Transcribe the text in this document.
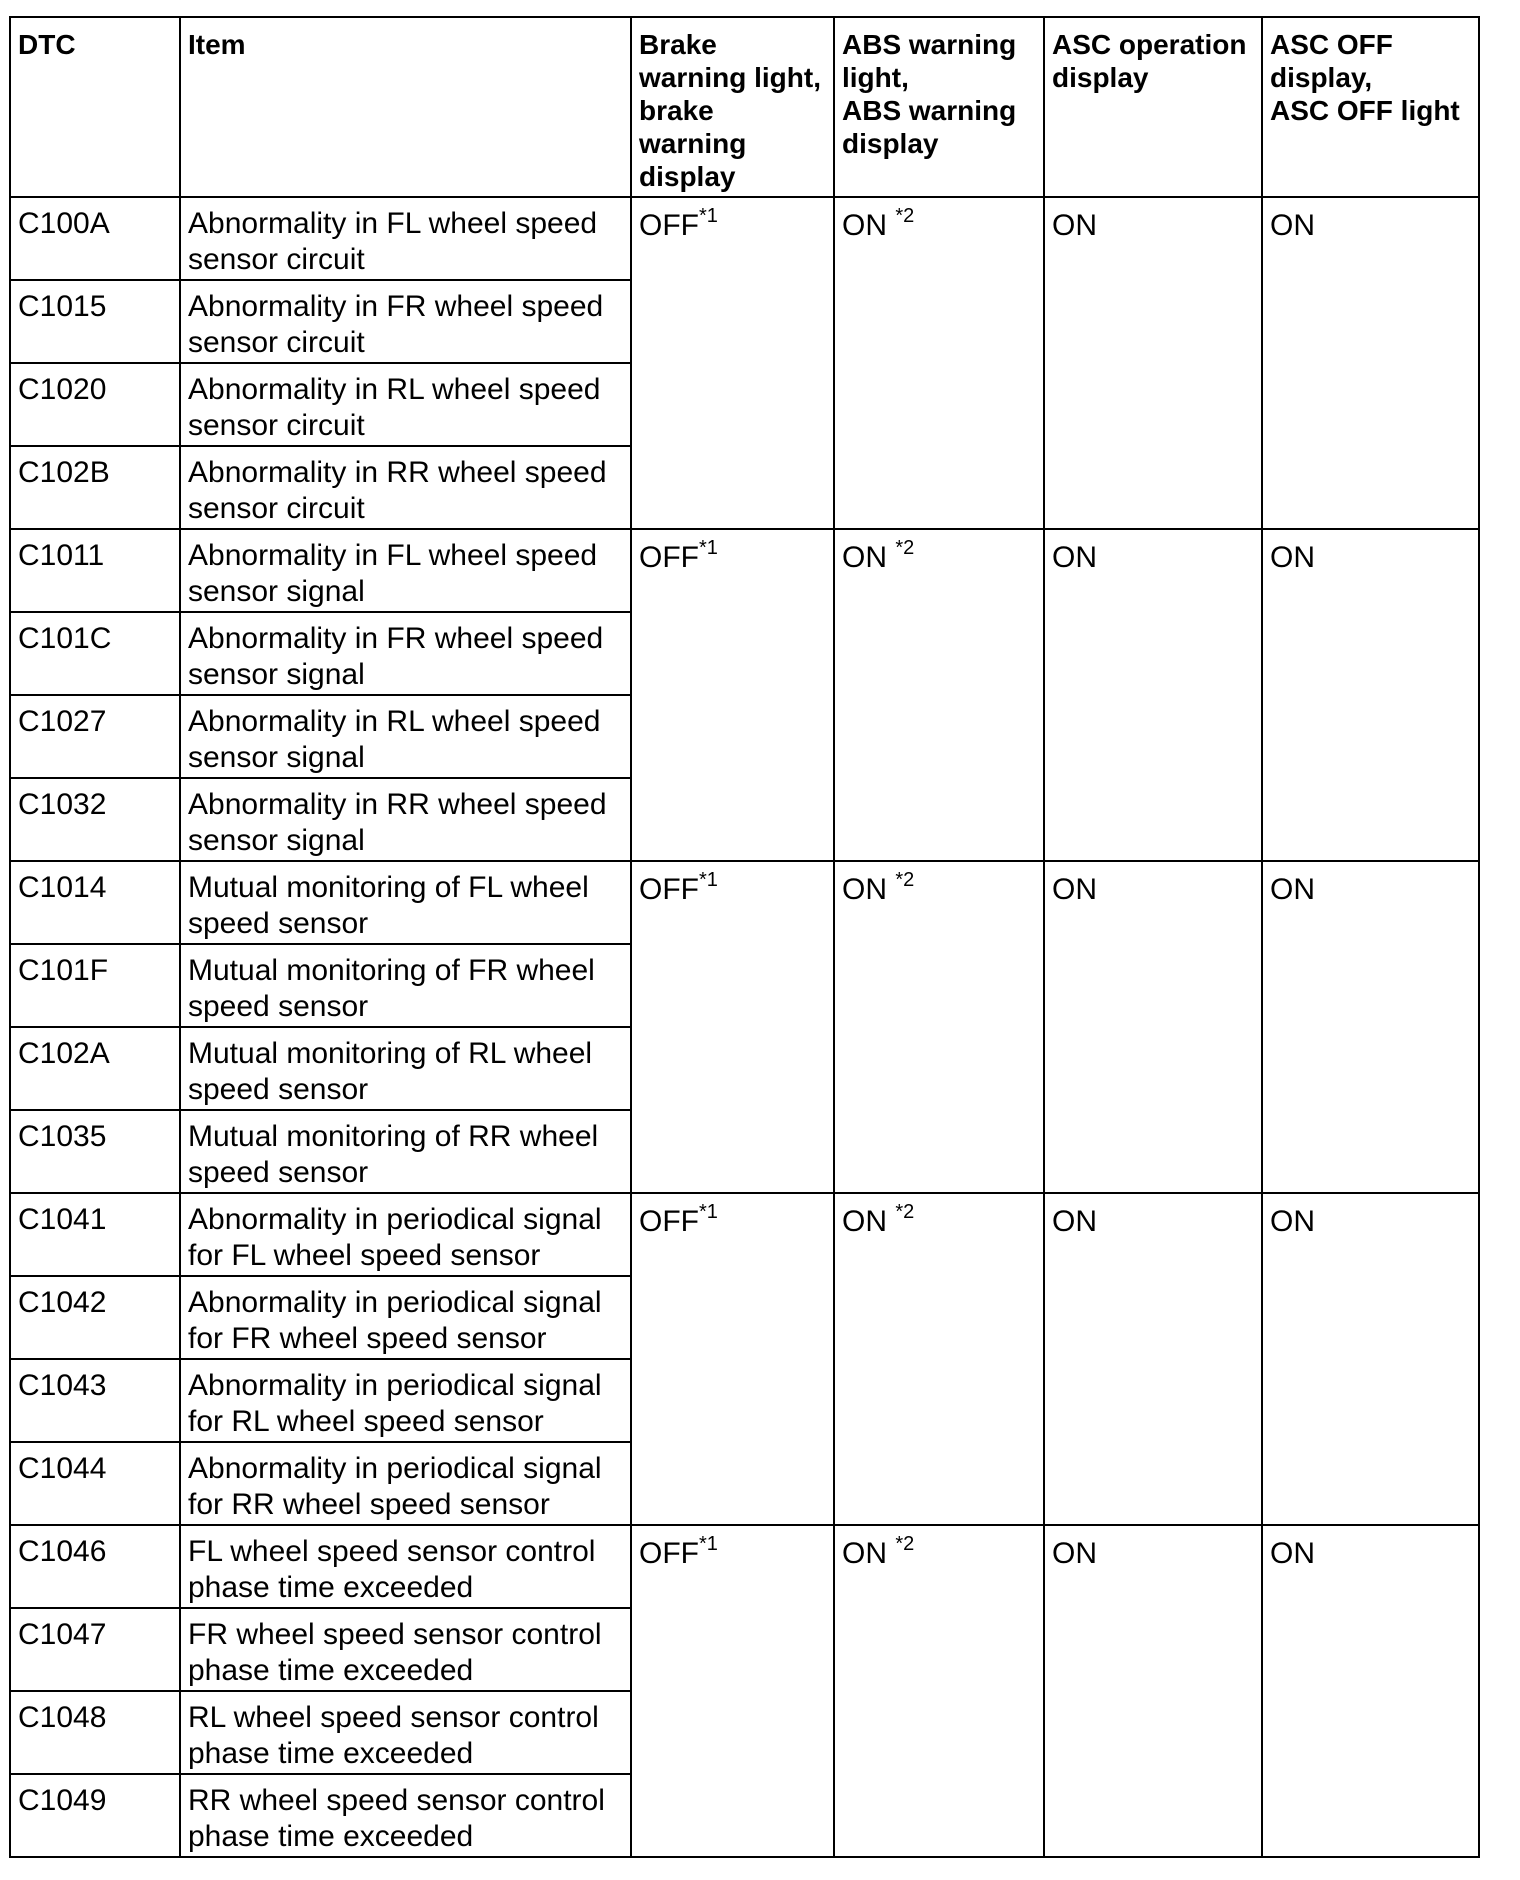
DTC	Item	Brake
warning light,
brake
warning
display	ABS warning
light,
ABS warning
display	ASC operation
display	ASC OFF
display,
ASC OFF light
C100A	Abnormality in FL wheel speed sensor circuit	OFF$^{*1}$	ON $^{*2}$	ON	ON
C1015	Abnormality in FR wheel speed sensor circuit				
C1020	Abnormality in RL wheel speed sensor circuit				
C102B	Abnormality in RR wheel speed sensor circuit				
C1011	Abnormality in FL wheel speed sensor signal	OFF$^{*1}$	ON $^{*2}$	ON	ON
C101C	Abnormality in FR wheel speed sensor signal				
C1027	Abnormality in RL wheel speed sensor signal				
C1032	Abnormality in RR wheel speed sensor signal				
C1014	Mutual monitoring of FL wheel speed sensor	OFF$^{*1}$	ON $^{*2}$	ON	ON
C101F	Mutual monitoring of FR wheel speed sensor				
C102A	Mutual monitoring of RL wheel speed sensor				
C1035	Mutual monitoring of RR wheel speed sensor				
C1041	Abnormality in periodical signal for FL wheel speed sensor	OFF$^{*1}$	ON $^{*2}$	ON	ON
C1042	Abnormality in periodical signal for FR wheel speed sensor				
C1043	Abnormality in periodical signal for RL wheel speed sensor				
C1044	Abnormality in periodical signal for RR wheel speed sensor				
C1046	FL wheel speed sensor control phase time exceeded	OFF$^{*1}$	ON $^{*2}$	ON	ON
C1047	FR wheel speed sensor control phase time exceeded				
C1048	RL wheel speed sensor control phase time exceeded				
C1049	RR wheel speed sensor control phase time exceeded				
